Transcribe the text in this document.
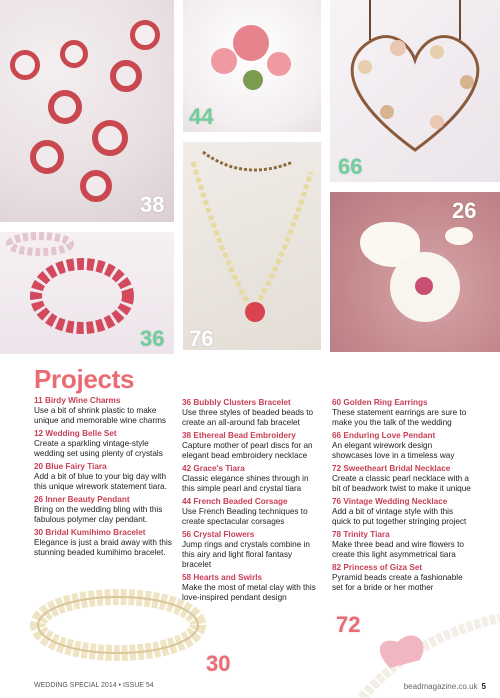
38
44
66
76
26
36
30
72
Projects
11 Birdy Wine Charms
Use a bit of shrink plastic to make unique and memorable wine charms
12 Wedding Belle Set
Create a sparkling vintage-style wedding set using plenty of crystals
20 Blue Fairy Tiara
Add a bit of blue to your big day with this unique wirework statement tiara.
26 Inner Beauty Pendant
Bring on the wedding bling with this fabulous polymer clay pendant.
30 Bridal Kumihimo Bracelet
Elegance is just a braid away with this stunning beaded kumihimo bracelet.
36 Bubbly Clusters Bracelet
Use three styles of beaded beads to create an all-around fab bracelet
38 Ethereal Bead Embroidery
Capture mother of pearl discs for an elegant bead embroidery necklace
42 Grace's Tiara
Classic elegance shines through in this simple pearl and crystal tiara
44 French Beaded Corsage
Use French Beading techniques to create spectacular corsages
56 Crystal Flowers
Jump rings and crystals combine in this airy and light floral fantasy bracelet
58 Hearts and Swirls
Make the most of metal clay with this love-inspired pendant design
60 Golden Ring Earrings
These statement earrings are sure to make you the talk of the wedding
66 Enduring Love Pendant
An elegant wirework design showcases love in a timeless way
72 Sweetheart Bridal Necklace
Create a classic pearl necklace with a bit of beadwork twist to make it unique
76 Vintage Wedding Necklace
Add a bit of vintage style with this quick to put together stringing project
78 Trinity Tiara
Make three bead and wire flowers to create this light asymmetrical tiara
82 Princess of Giza Set
Pyramid beads create a fashionable set for a bride or her mother
WEDDING SPECIAL 2014 • ISSUE 54	beadmagazine.co.uk 5
